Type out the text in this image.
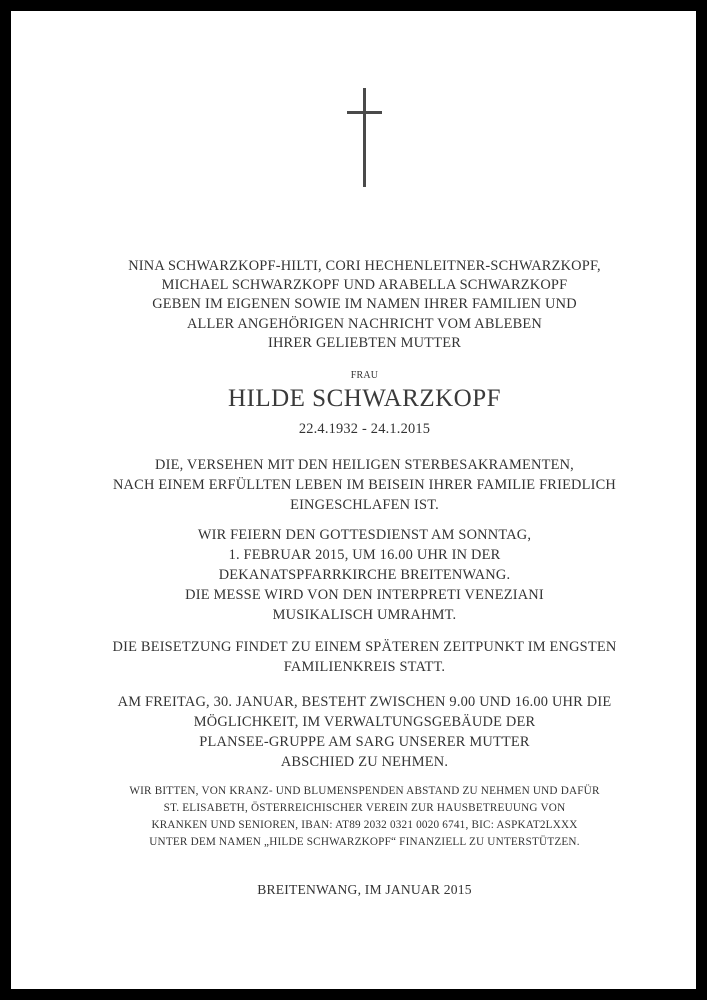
NINA SCHWARZKOPF-HILTI, CORI HECHENLEITNER-SCHWARZKOPF,
MICHAEL SCHWARZKOPF UND ARABELLA SCHWARZKOPF
GEBEN IM EIGENEN SOWIE IM NAMEN IHRER FAMILIEN UND
ALLER ANGEHÖRIGEN NACHRICHT VOM ABLEBEN
IHRER GELIEBTEN MUTTER
FRAU
HILDE SCHWARZKOPF
22.4.1932 - 24.1.2015
DIE, VERSEHEN MIT DEN HEILIGEN STERBESAKRAMENTEN,
NACH EINEM ERFÜLLTEN LEBEN IM BEISEIN IHRER FAMILIE FRIEDLICH
EINGESCHLAFEN IST.
WIR FEIERN DEN GOTTESDIENST AM SONNTAG,
1. FEBRUAR 2015, UM 16.00 UHR IN DER
DEKANATSPFARRKIRCHE BREITENWANG.
DIE MESSE WIRD VON DEN INTERPRETI VENEZIANI
MUSIKALISCH UMRAHMT.
DIE BEISETZUNG FINDET ZU EINEM SPÄTEREN ZEITPUNKT IM ENGSTEN
FAMILIENKREIS STATT.
AM FREITAG, 30. JANUAR, BESTEHT ZWISCHEN 9.00 UND 16.00 UHR DIE
MÖGLICHKEIT, IM VERWALTUNGSGEBÄUDE DER
PLANSEE-GRUPPE AM SARG UNSERER MUTTER
ABSCHIED ZU NEHMEN.
WIR BITTEN, VON KRANZ- UND BLUMENSPENDEN ABSTAND ZU NEHMEN UND DAFÜR
ST. ELISABETH, ÖSTERREICHISCHER VEREIN ZUR HAUSBETREUUNG VON
KRANKEN UND SENIOREN, IBAN: AT89 2032 0321 0020 6741, BIC: ASPKAT2LXXX
UNTER DEM NAMEN „HILDE SCHWARZKOPF“ FINANZIELL ZU UNTERSTÜTZEN.
BREITENWANG, IM JANUAR 2015
